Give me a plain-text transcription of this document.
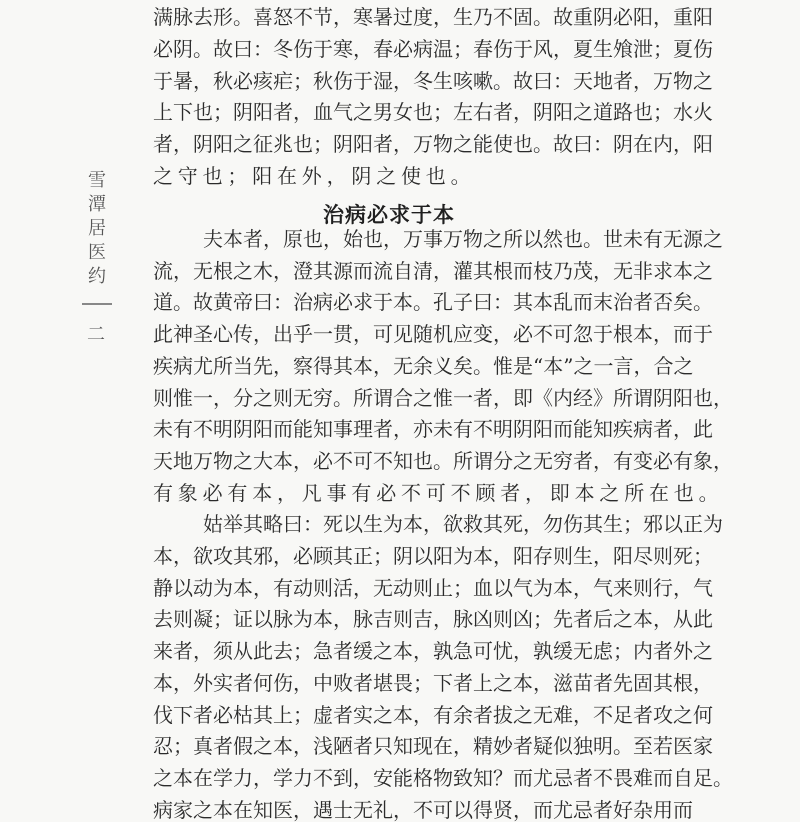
雪潭居医约
二
满脉去形。喜怒不节，寒暑过度，生乃不固。故重阴必阳，重阳
必阴。故曰：冬伤于寒，春必病温；春伤于风，夏生飧泄；夏伤
于暑，秋必痎疟；秋伤于湿，冬生咳嗽。故曰：天地者，万物之
上下也；阴阳者，血气之男女也；左右者，阴阳之道路也；水火
者，阴阳之征兆也；阴阳者，万物之能使也。故曰：阴在内，阳
之守也；阳在外，阴之使也。
治病必求于本
夫本者，原也，始也，万事万物之所以然也。世未有无源之
流，无根之木，澄其源而流自清，灌其根而枝乃茂，无非求本之
道。故黄帝曰：治病必求于本。孔子曰：其本乱而末治者否矣。
此神圣心传，出乎一贯，可见随机应变，必不可忽于根本，而于
疾病尤所当先，察得其本，无余义矣。惟是“本”之一言，合之
则惟一，分之则无穷。所谓合之惟一者，即《内经》所谓阴阳也，
未有不明阴阳而能知事理者，亦未有不明阴阳而能知疾病者，此
天地万物之大本，必不可不知也。所谓分之无穷者，有变必有象，
有象必有本，凡事有必不可不顾者，即本之所在也。
姑举其略曰：死以生为本，欲救其死，勿伤其生；邪以正为
本，欲攻其邪，必顾其正；阴以阳为本，阳存则生，阳尽则死；
静以动为本，有动则活，无动则止；血以气为本，气来则行，气
去则凝；证以脉为本，脉吉则吉，脉凶则凶；先者后之本，从此
来者，须从此去；急者缓之本，孰急可忧，孰缓无虑；内者外之
本，外实者何伤，中败者堪畏；下者上之本，滋苗者先固其根，
伐下者必枯其上；虚者实之本，有余者拔之无难，不足者攻之何
忍；真者假之本，浅陋者只知现在，精妙者疑似独明。至若医家
之本在学力，学力不到，安能格物致知？而尤忌者不畏难而自足。
病家之本在知医，遇士无礼，不可以得贤，而尤忌者好杂用而
